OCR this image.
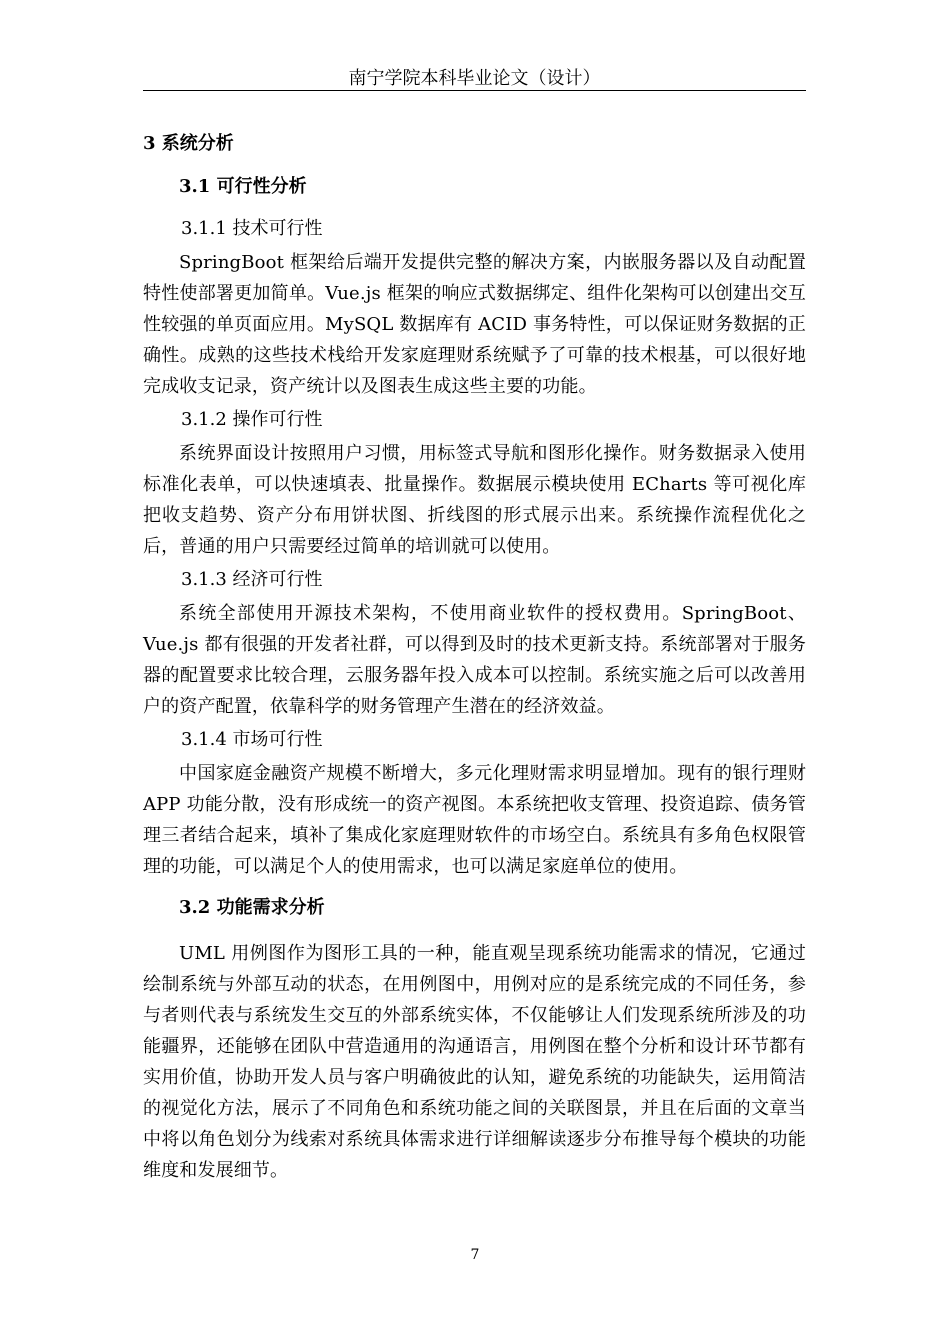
南宁学院本科毕业论文（设计）
3 系统分析
3.1 可行性分析
3.1.1 技术可行性
SpringBoot 框架给后端开发提供完整的解决方案，内嵌服务器以及自动配置特性使部署更加简单。Vue.js 框架的响应式数据绑定、组件化架构可以创建出交互性较强的单页面应用。MySQL 数据库有 ACID 事务特性，可以保证财务数据的正确性。成熟的这些技术栈给开发家庭理财系统赋予了可靠的技术根基，可以很好地完成收支记录，资产统计以及图表生成这些主要的功能。
3.1.2 操作可行性
系统界面设计按照用户习惯，用标签式导航和图形化操作。财务数据录入使用标准化表单，可以快速填表、批量操作。数据展示模块使用 ECharts 等可视化库把收支趋势、资产分布用饼状图、折线图的形式展示出来。系统操作流程优化之后，普通的用户只需要经过简单的培训就可以使用。
3.1.3 经济可行性
系统全部使用开源技术架构，不使用商业软件的授权费用。SpringBoot、Vue.js 都有很强的开发者社群，可以得到及时的技术更新支持。系统部署对于服务器的配置要求比较合理，云服务器年投入成本可以控制。系统实施之后可以改善用户的资产配置，依靠科学的财务管理产生潜在的经济效益。
3.1.4 市场可行性
中国家庭金融资产规模不断增大，多元化理财需求明显增加。现有的银行理财 APP 功能分散，没有形成统一的资产视图。本系统把收支管理、投资追踪、债务管理三者结合起来，填补了集成化家庭理财软件的市场空白。系统具有多角色权限管理的功能，可以满足个人的使用需求，也可以满足家庭单位的使用。
3.2 功能需求分析
UML 用例图作为图形工具的一种，能直观呈现系统功能需求的情况，它通过绘制系统与外部互动的状态，在用例图中，用例对应的是系统完成的不同任务，参与者则代表与系统发生交互的外部系统实体，不仅能够让人们发现系统所涉及的功能疆界，还能够在团队中营造通用的沟通语言，用例图在整个分析和设计环节都有实用价值，协助开发人员与客户明确彼此的认知，避免系统的功能缺失，运用简洁的视觉化方法，展示了不同角色和系统功能之间的关联图景，并且在后面的文章当中将以角色划分为线索对系统具体需求进行详细解读逐步分布推导每个模块的功能维度和发展细节。
7
